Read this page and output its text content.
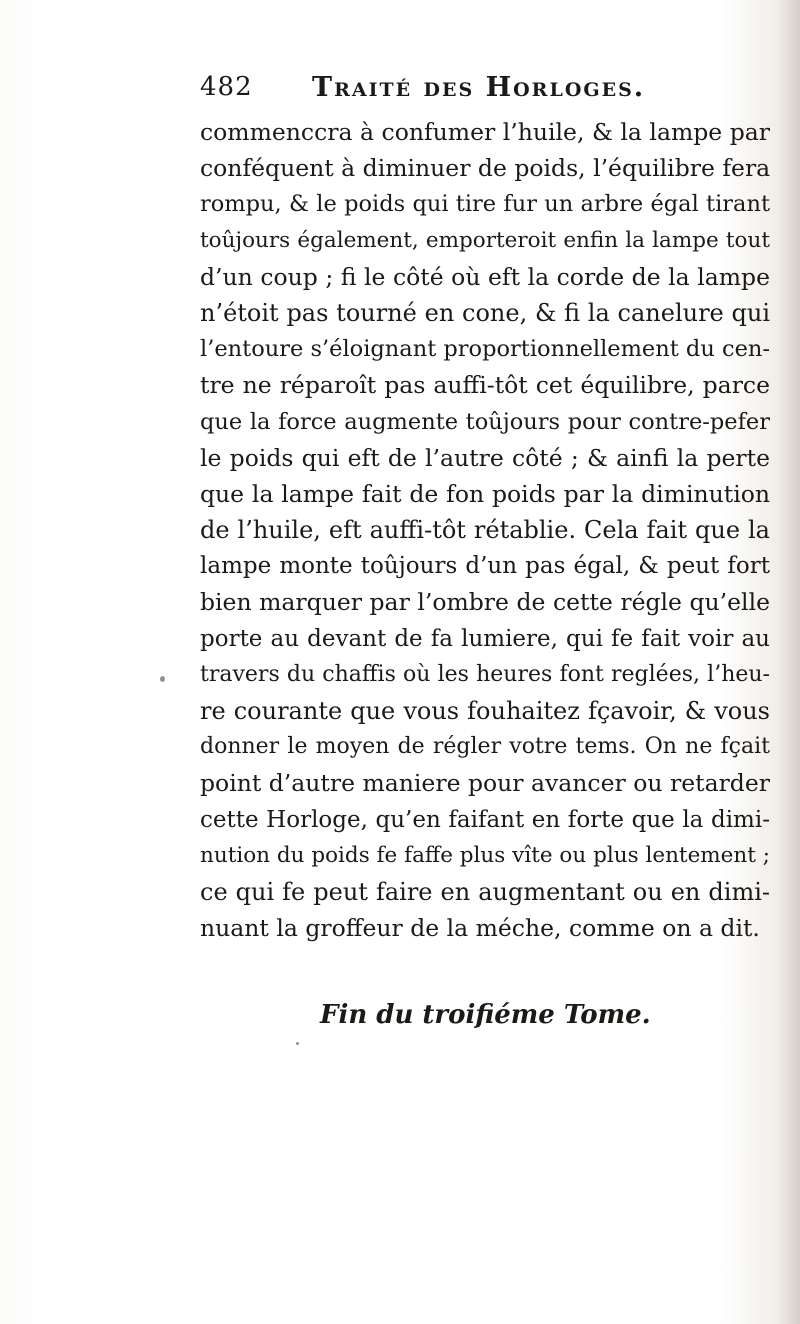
482 Traité des Horloges.
commenccra à confumer l’huile, & la lampe par
conféquent à diminuer de poids, l’équilibre fera
rompu, & le poids qui tire fur un arbre égal tirant
toûjours également, emporteroit enfin la lampe tout
d’un coup ; fi le côté où eft la corde de la lampe
n’étoit pas tourné en cone, & fi la canelure qui
l’entoure s’éloignant proportionnellement du cen-
tre ne réparoît pas auffi-tôt cet équilibre, parce
que la force augmente toûjours pour contre-pefer
le poids qui eft de l’autre côté ; & ainfi la perte
que la lampe fait de fon poids par la diminution
de l’huile, eft auffi-tôt rétablie. Cela fait que la
lampe monte toûjours d’un pas égal, & peut fort
bien marquer par l’ombre de cette régle qu’elle
porte au devant de fa lumiere, qui fe fait voir au
travers du chaffis où les heures font reglées, l’heu-
re courante que vous fouhaitez fçavoir, & vous
donner le moyen de régler votre tems. On ne fçait
point d’autre maniere pour avancer ou retarder
cette Horloge, qu’en faifant en forte que la dimi-
nution du poids fe faffe plus vîte ou plus lentement ;
ce qui fe peut faire en augmentant ou en dimi-
nuant la groffeur de la méche, comme on a dit.
Fin du troifiéme Tome.
